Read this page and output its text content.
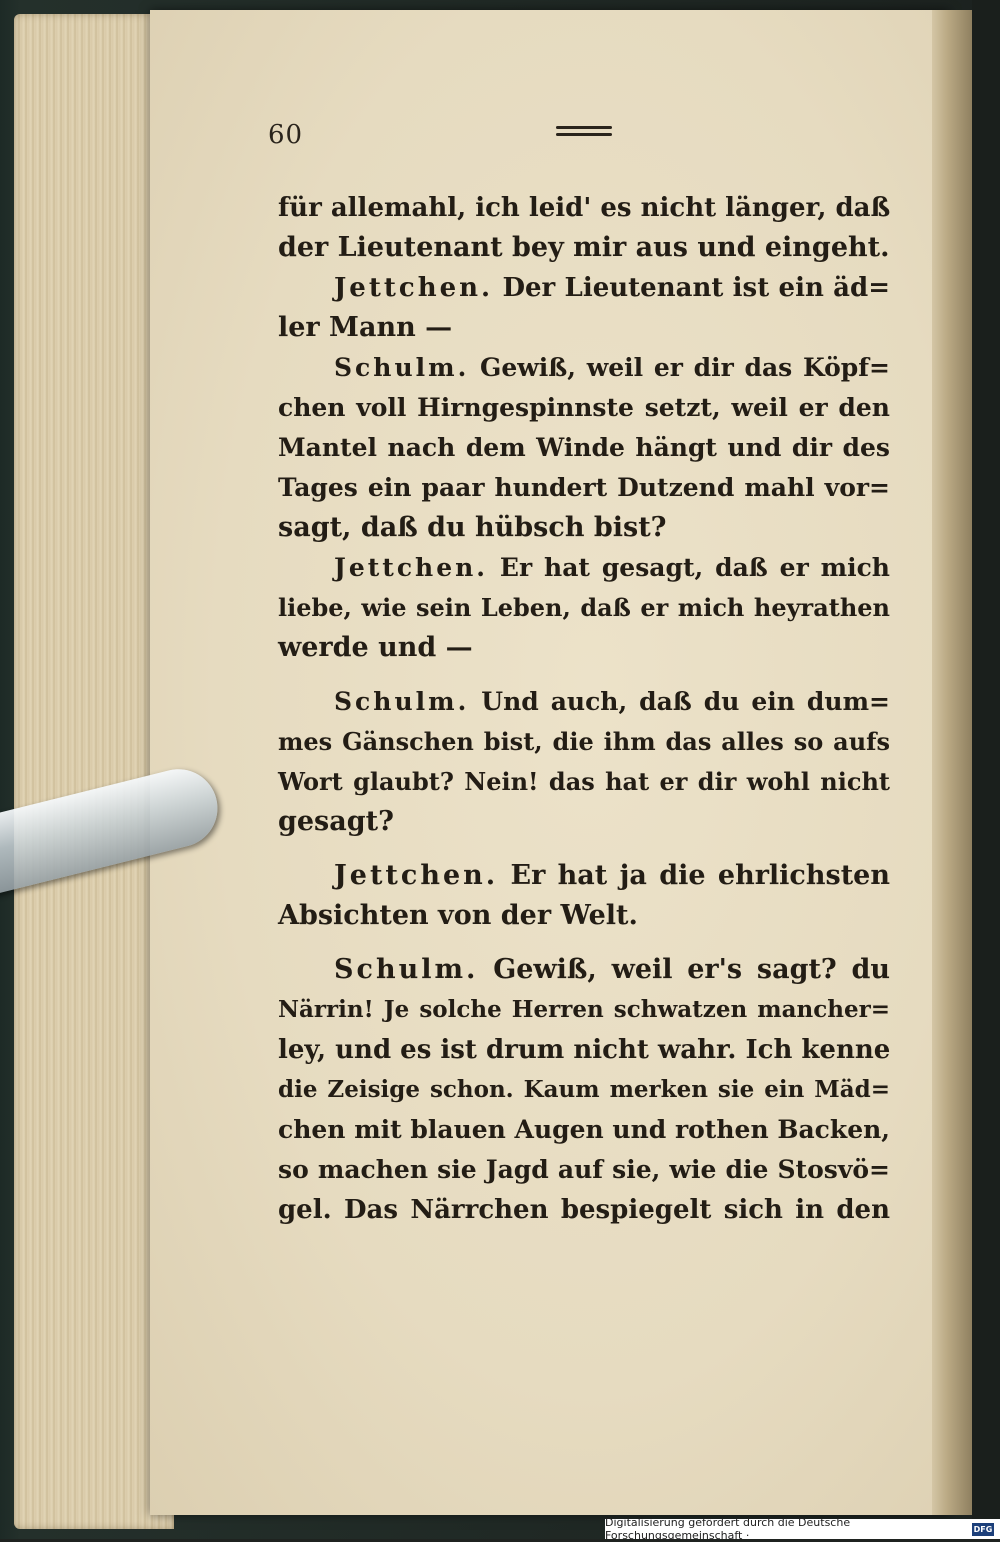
60
für allemahl, ich leid' es nicht länger, daß
der Lieutenant bey mir aus und eingeht.
Jettchen. Der Lieutenant ist ein äd=
ler Mann —
Schulm. Gewiß, weil er dir das Köpf=
chen voll Hirngespinnste setzt, weil er den
Mantel nach dem Winde hängt und dir des
Tages ein paar hundert Dutzend mahl vor=
sagt, daß du hübsch bist?
Jettchen. Er hat gesagt, daß er mich
liebe, wie sein Leben, daß er mich heyrathen
werde und —
Schulm. Und auch, daß du ein dum=
mes Gänschen bist, die ihm das alles so aufs
Wort glaubt? Nein! das hat er dir wohl nicht
gesagt?
Jettchen. Er hat ja die ehrlichsten
Absichten von der Welt.
Schulm. Gewiß, weil er's sagt? du
Närrin! Je solche Herren schwatzen mancher=
ley, und es ist drum nicht wahr. Ich kenne
die Zeisige schon. Kaum merken sie ein Mäd=
chen mit blauen Augen und rothen Backen,
so machen sie Jagd auf sie, wie die Stosvö=
gel. Das Närrchen bespiegelt sich in den
Digitalisierung gefördert durch die Deutsche Forschungsgemeinschaft ·	DFG
